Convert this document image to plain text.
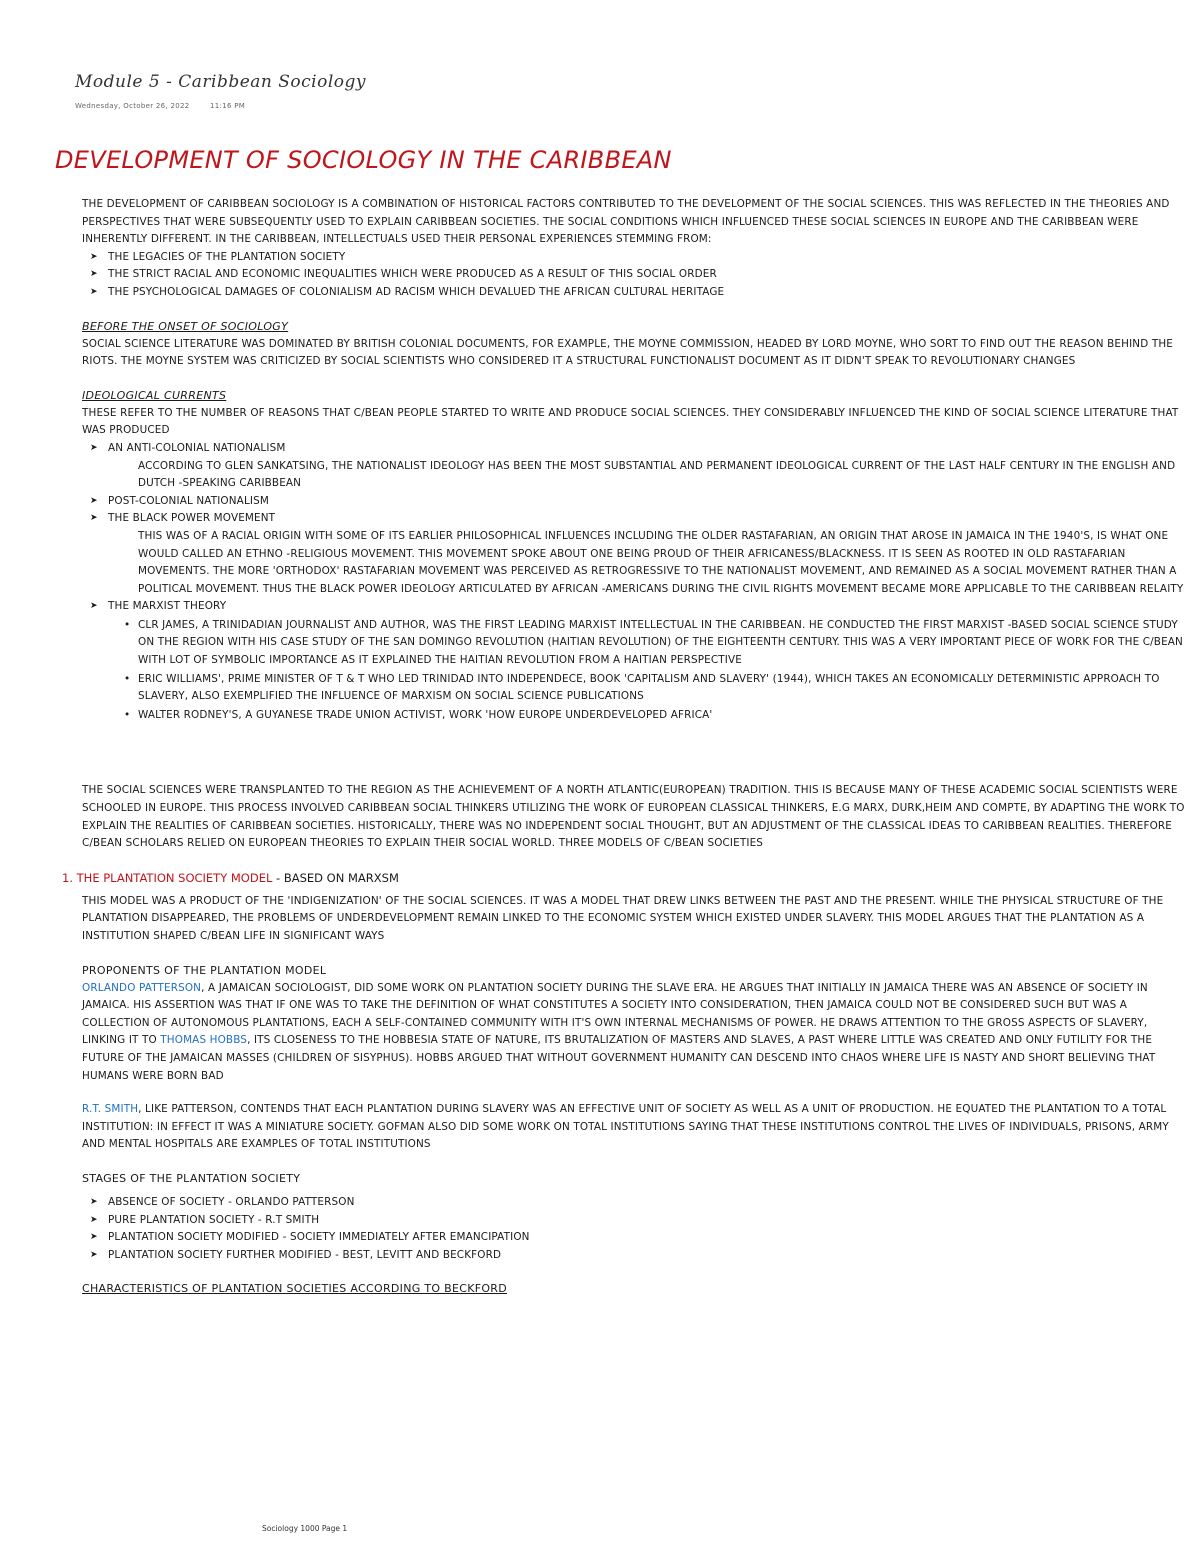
Module 5 - Caribbean Sociology
Wednesday, October 26, 2022	11:16 PM
DEVELOPMENT OF SOCIOLOGY IN THE CARIBBEAN

THE DEVELOPMENT OF CARIBBEAN SOCIOLOGY IS A COMBINATION OF HISTORICAL FACTORS CONTRIBUTED TO THE DEVELOPMENT OF THE SOCIAL SCIENCES. THIS WAS REFLECTED IN THE THEORIES AND PERSPECTIVES THAT WERE SUBSEQUENTLY USED TO EXPLAIN CARIBBEAN SOCIETIES. THE SOCIAL CONDITIONS WHICH INFLUENCED THESE SOCIAL SCIENCES IN EUROPE AND THE CARIBBEAN WERE INHERENTLY DIFFERENT. IN THE CARIBBEAN, INTELLECTUALS USED THEIR PERSONAL EXPERIENCES STEMMING FROM:

➤ THE LEGACIES OF THE PLANTATION SOCIETY
➤ THE STRICT RACIAL AND ECONOMIC INEQUALITIES WHICH WERE PRODUCED AS A RESULT OF THIS SOCIAL ORDER
➤ THE PSYCHOLOGICAL DAMAGES OF COLONIALISM AD RACISM WHICH DEVALUED THE AFRICAN CULTURAL HERITAGE
BEFORE THE ONSET OF SOCIOLOGY

SOCIAL SCIENCE LITERATURE WAS DOMINATED BY BRITISH COLONIAL DOCUMENTS, FOR EXAMPLE, THE MOYNE COMMISSION, HEADED BY LORD MOYNE, WHO SORT TO FIND OUT THE REASON BEHIND THE RIOTS. THE MOYNE SYSTEM WAS CRITICIZED BY SOCIAL SCIENTISTS WHO CONSIDERED IT A STRUCTURAL FUNCTIONALIST DOCUMENT AS IT DIDN'T SPEAK TO REVOLUTIONARY CHANGES

IDEOLOGICAL CURRENTS

THESE REFER TO THE NUMBER OF REASONS THAT C/BEAN PEOPLE STARTED TO WRITE AND PRODUCE SOCIAL SCIENCES. THEY CONSIDERABLY INFLUENCED THE KIND OF SOCIAL SCIENCE LITERATURE THAT WAS PRODUCED

➤ AN ANTI-COLONIAL NATIONALISM
ACCORDING TO GLEN SANKATSING, THE NATIONALIST IDEOLOGY HAS BEEN THE MOST SUBSTANTIAL AND PERMANENT IDEOLOGICAL CURRENT OF THE LAST HALF CENTURY IN THE ENGLISH AND DUTCH -SPEAKING CARIBBEAN
➤ POST-COLONIAL NATIONALISM
➤ THE BLACK POWER MOVEMENT
THIS WAS OF A RACIAL ORIGIN WITH SOME OF ITS EARLIER PHILOSOPHICAL INFLUENCES INCLUDING THE OLDER RASTAFARIAN, AN ORIGIN THAT AROSE IN JAMAICA IN THE 1940'S, IS WHAT ONE WOULD CALLED AN ETHNO -RELIGIOUS MOVEMENT. THIS MOVEMENT SPOKE ABOUT ONE BEING PROUD OF THEIR AFRICANESS/BLACKNESS. IT IS SEEN AS ROOTED IN OLD RASTAFARIAN MOVEMENTS. THE MORE 'ORTHODOX' RASTAFARIAN MOVEMENT WAS PERCEIVED AS RETROGRESSIVE TO THE NATIONALIST MOVEMENT, AND REMAINED AS A SOCIAL MOVEMENT RATHER THAN A POLITICAL MOVEMENT. THUS THE BLACK POWER IDEOLOGY ARTICULATED BY AFRICAN -AMERICANS DURING THE CIVIL RIGHTS MOVEMENT BECAME MORE APPLICABLE TO THE CARIBBEAN RELAITY
➤ THE MARXIST THEORY
• CLR JAMES, A TRINIDADIAN JOURNALIST AND AUTHOR, WAS THE FIRST LEADING MARXIST INTELLECTUAL IN THE CARIBBEAN. HE CONDUCTED THE FIRST MARXIST -BASED SOCIAL SCIENCE STUDY ON THE REGION WITH HIS CASE STUDY OF THE SAN DOMINGO REVOLUTION (HAITIAN REVOLUTION) OF THE EIGHTEENTH CENTURY. THIS WAS A VERY IMPORTANT PIECE OF WORK FOR THE C/BEAN WITH LOT OF SYMBOLIC IMPORTANCE AS IT EXPLAINED THE HAITIAN REVOLUTION FROM A HAITIAN PERSPECTIVE
• ERIC WILLIAMS', PRIME MINISTER OF T & T WHO LED TRINIDAD INTO INDEPENDECE, BOOK 'CAPITALISM AND SLAVERY' (1944), WHICH TAKES AN ECONOMICALLY DETERMINISTIC APPROACH TO SLAVERY, ALSO EXEMPLIFIED THE INFLUENCE OF MARXISM ON SOCIAL SCIENCE PUBLICATIONS
• WALTER RODNEY'S, A GUYANESE TRADE UNION ACTIVIST, WORK 'HOW EUROPE UNDERDEVELOPED AFRICA'

THE SOCIAL SCIENCES WERE TRANSPLANTED TO THE REGION AS THE ACHIEVEMENT OF A NORTH ATLANTIC(EUROPEAN) TRADITION. THIS IS BECAUSE MANY OF THESE ACADEMIC SOCIAL SCIENTISTS WERE SCHOOLED IN EUROPE. THIS PROCESS INVOLVED CARIBBEAN SOCIAL THINKERS UTILIZING THE WORK OF EUROPEAN CLASSICAL THINKERS, E.G MARX, DURK,HEIM AND COMPTE, BY ADAPTING THE WORK TO EXPLAIN THE REALITIES OF CARIBBEAN SOCIETIES. HISTORICALLY, THERE WAS NO INDEPENDENT SOCIAL THOUGHT, BUT AN ADJUSTMENT OF THE CLASSICAL IDEAS TO CARIBBEAN REALITIES. THEREFORE C/BEAN SCHOLARS RELIED ON EUROPEAN THEORIES TO EXPLAIN THEIR SOCIAL WORLD. THREE MODELS OF C/BEAN SOCIETIES

1. THE PLANTATION SOCIETY MODEL - BASED ON MARXSM

THIS MODEL WAS A PRODUCT OF THE 'INDIGENIZATION' OF THE SOCIAL SCIENCES. IT WAS A MODEL THAT DREW LINKS BETWEEN THE PAST AND THE PRESENT. WHILE THE PHYSICAL STRUCTURE OF THE PLANTATION DISAPPEARED, THE PROBLEMS OF UNDERDEVELOPMENT REMAIN LINKED TO THE ECONOMIC SYSTEM WHICH EXISTED UNDER SLAVERY. THIS MODEL ARGUES THAT THE PLANTATION AS A INSTITUTION SHAPED C/BEAN LIFE IN SIGNIFICANT WAYS

PROPONENTS OF THE PLANTATION MODEL

ORLANDO PATTERSON, A JAMAICAN SOCIOLOGIST, DID SOME WORK ON PLANTATION SOCIETY DURING THE SLAVE ERA. HE ARGUES THAT INITIALLY IN JAMAICA THERE WAS AN ABSENCE OF SOCIETY IN JAMAICA. HIS ASSERTION WAS THAT IF ONE WAS TO TAKE THE DEFINITION OF WHAT CONSTITUTES A SOCIETY INTO CONSIDERATION, THEN JAMAICA COULD NOT BE CONSIDERED SUCH BUT WAS A COLLECTION OF AUTONOMOUS PLANTATIONS, EACH A SELF-CONTAINED COMMUNITY WITH IT'S OWN INTERNAL MECHANISMS OF POWER. HE DRAWS ATTENTION TO THE GROSS ASPECTS OF SLAVERY, LINKING IT TO THOMAS HOBBS, ITS CLOSENESS TO THE HOBBESIA STATE OF NATURE, ITS BRUTALIZATION OF MASTERS AND SLAVES, A PAST WHERE LITTLE WAS CREATED AND ONLY FUTILITY FOR THE FUTURE OF THE JAMAICAN MASSES (CHILDREN OF SISYPHUS). HOBBS ARGUED THAT WITHOUT GOVERNMENT HUMANITY CAN DESCEND INTO CHAOS WHERE LIFE IS NASTY AND SHORT BELIEVING THAT HUMANS WERE BORN BAD

R.T. SMITH, LIKE PATTERSON, CONTENDS THAT EACH PLANTATION DURING SLAVERY WAS AN EFFECTIVE UNIT OF SOCIETY AS WELL AS A UNIT OF PRODUCTION. HE EQUATED THE PLANTATION TO A TOTAL INSTITUTION: IN EFFECT IT WAS A MINIATURE SOCIETY. GOFMAN ALSO DID SOME WORK ON TOTAL INSTITUTIONS SAYING THAT THESE INSTITUTIONS CONTROL THE LIVES OF INDIVIDUALS, PRISONS, ARMY AND MENTAL HOSPITALS ARE EXAMPLES OF TOTAL INSTITUTIONS

STAGES OF THE PLANTATION SOCIETY
➤ ABSENCE OF SOCIETY - ORLANDO PATTERSON
➤ PURE PLANTATION SOCIETY - R.T SMITH
➤ PLANTATION SOCIETY MODIFIED - SOCIETY IMMEDIATELY AFTER EMANCIPATION
➤ PLANTATION SOCIETY FURTHER MODIFIED - BEST, LEVITT AND BECKFORD
CHARACTERISTICS OF PLANTATION SOCIETIES ACCORDING TO BECKFORD
Sociology 1000 Page 1
